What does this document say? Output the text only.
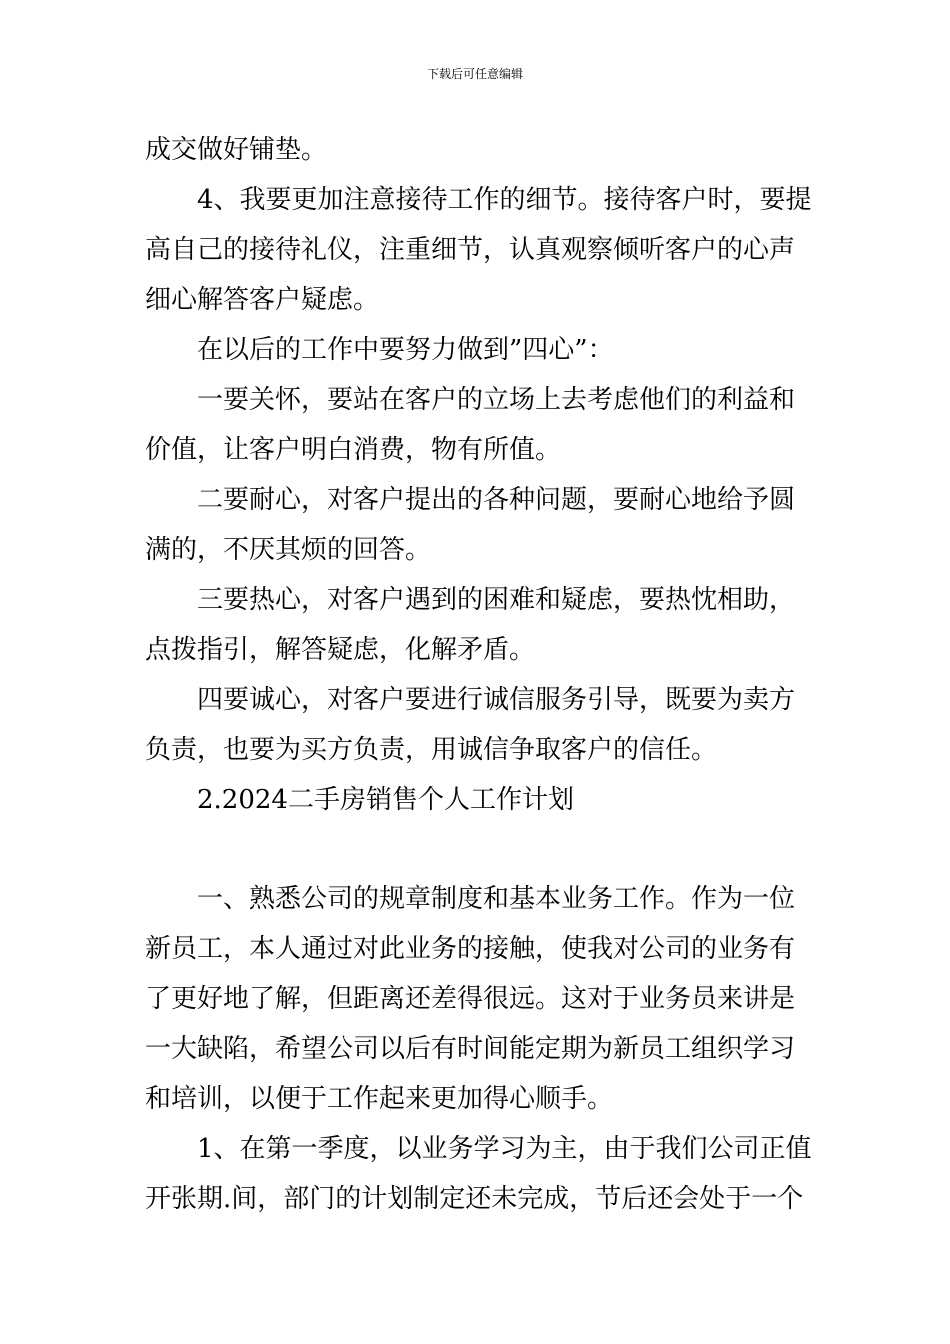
下载后可任意编辑
成交做好铺垫。
4、我要更加注意接待工作的细节。接待客户时，要提
高自己的接待礼仪，注重细节，认真观察倾听客户的心声
细心解答客户疑虑。
在以后的工作中要努力做到”四心”：
一要关怀，要站在客户的立场上去考虑他们的利益和
价值，让客户明白消费，物有所值。
二要耐心，对客户提出的各种问题，要耐心地给予圆
满的，不厌其烦的回答。
三要热心，对客户遇到的困难和疑虑，要热忱相助，
点拨指引，解答疑虑，化解矛盾。
四要诚心，对客户要进行诚信服务引导，既要为卖方
负责，也要为买方负责，用诚信争取客户的信任。
2.2024二手房销售个人工作计划
一、熟悉公司的规章制度和基本业务工作。作为一位
新员工，本人通过对此业务的接触，使我对公司的业务有
了更好地了解，但距离还差得很远。这对于业务员来讲是
一大缺陷，希望公司以后有时间能定期为新员工组织学习
和培训，以便于工作起来更加得心顺手。
1、在第一季度，以业务学习为主，由于我们公司正值
开张期.间，部门的计划制定还未完成，节后还会处于一个
